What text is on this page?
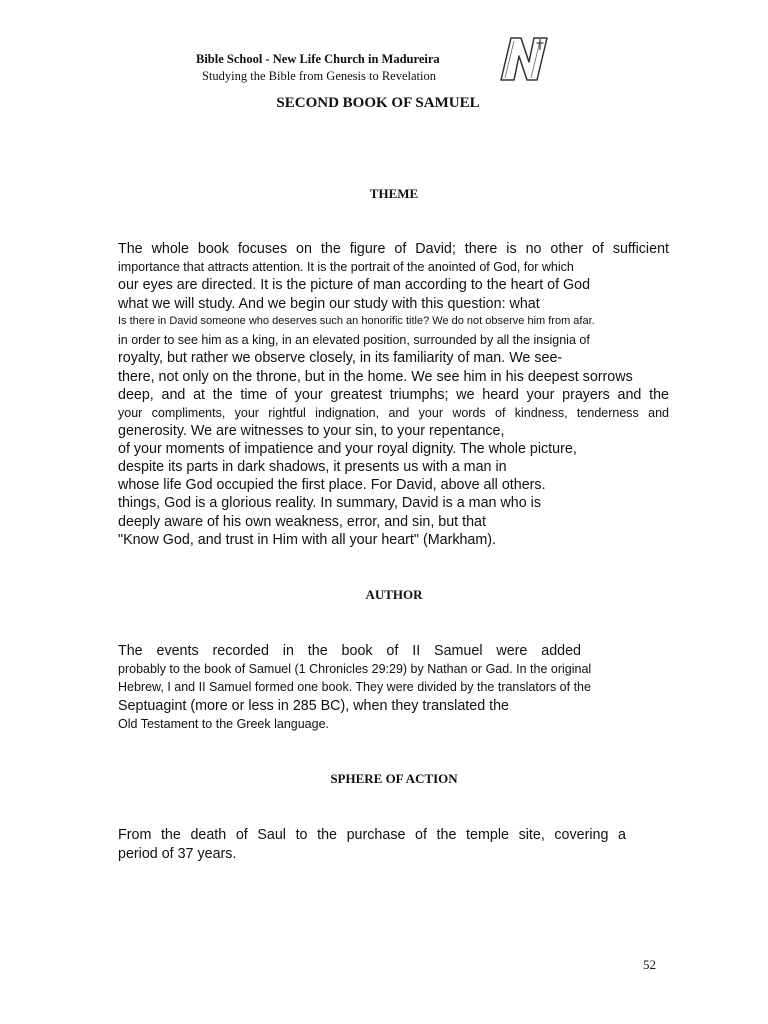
Bible School - New Life Church in Madureira
Studying the Bible from Genesis to Revelation
SECOND BOOK OF SAMUEL
THEME
The whole book focuses on the figure of David; there is no other of sufficient
importance that attracts attention. It is the portrait of the anointed of God, for which
our eyes are directed. It is the picture of man according to the heart of God
what we will study. And we begin our study with this question: what
Is there in David someone who deserves such an honorific title? We do not observe him from afar.
in order to see him as a king, in an elevated position, surrounded by all the insignia of
royalty, but rather we observe closely, in its familiarity of man. We see-
there, not only on the throne, but in the home. We see him in his deepest sorrows
deep, and at the time of your greatest triumphs; we heard your prayers and the
your compliments, your rightful indignation, and your words of kindness, tenderness and
generosity. We are witnesses to your sin, to your repentance,
of your moments of impatience and your royal dignity. The whole picture,
despite its parts in dark shadows, it presents us with a man in
whose life God occupied the first place. For David, above all others.
things, God is a glorious reality. In summary, David is a man who is
deeply aware of his own weakness, error, and sin, but that
"Know God, and trust in Him with all your heart" (Markham).
AUTHOR
The events recorded in the book of II Samuel were added
probably to the book of Samuel (1 Chronicles 29:29) by Nathan or Gad. In the original
Hebrew, I and II Samuel formed one book. They were divided by the translators of the
Septuagint (more or less in 285 BC), when they translated the
Old Testament to the Greek language.
SPHERE OF ACTION
From the death of Saul to the purchase of the temple site, covering a
period of 37 years.
52
